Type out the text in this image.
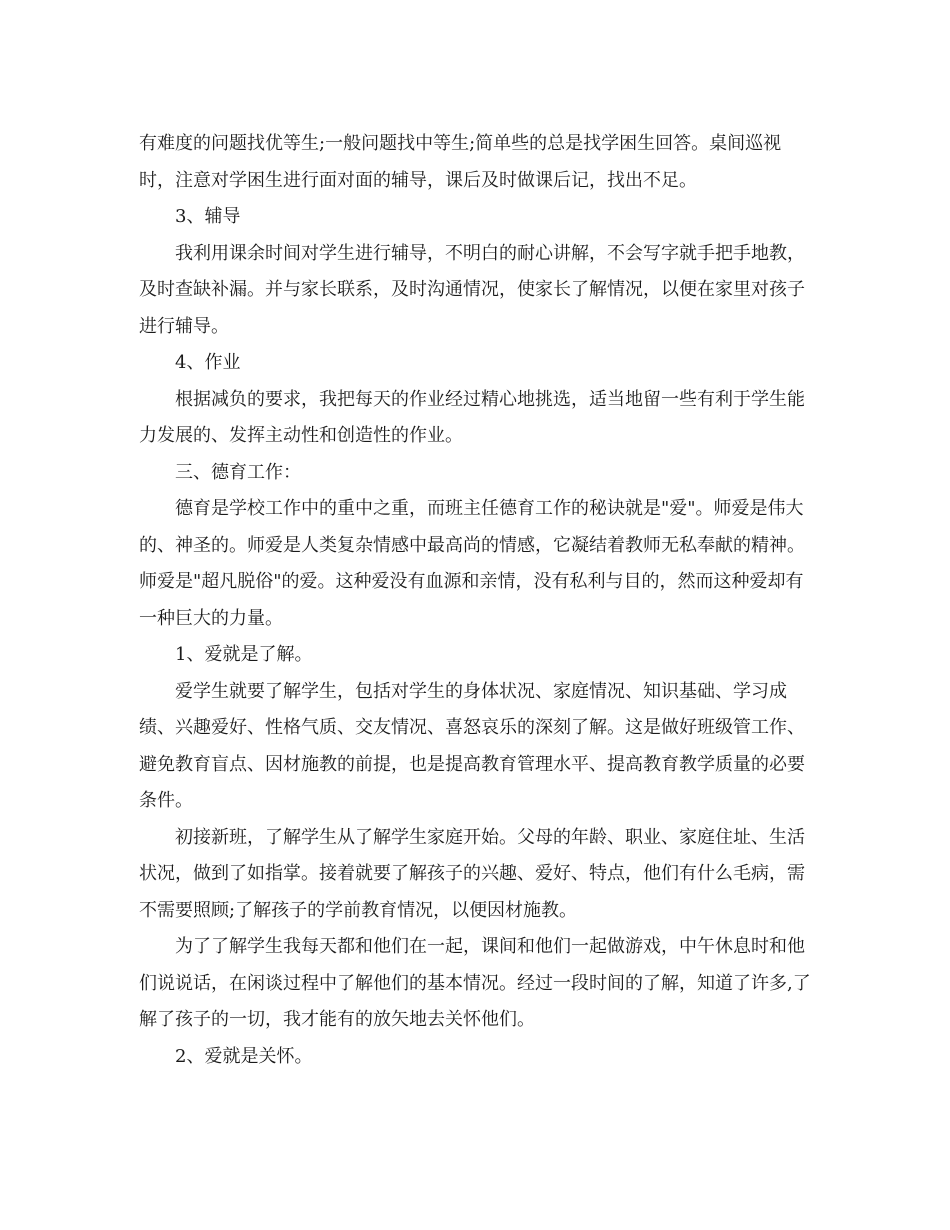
有难度的问题找优等生;一般问题找中等生;简单些的总是找学困生回答。桌间巡视时，注意对学困生进行面对面的辅导，课后及时做课后记，找出不足。

3、辅导

我利用课余时间对学生进行辅导，不明白的耐心讲解，不会写字就手把手地教，及时查缺补漏。并与家长联系，及时沟通情况，使家长了解情况，以便在家里对孩子进行辅导。

4、作业

根据减负的要求，我把每天的作业经过精心地挑选，适当地留一些有利于学生能力发展的、发挥主动性和创造性的作业。

三、德育工作：

德育是学校工作中的重中之重，而班主任德育工作的秘诀就是"爱"。师爱是伟大的、神圣的。师爱是人类复杂情感中最高尚的情感，它凝结着教师无私奉献的精神。师爱是"超凡脱俗"的爱。这种爱没有血源和亲情，没有私利与目的，然而这种爱却有一种巨大的力量。

1、爱就是了解。

爱学生就要了解学生，包括对学生的身体状况、家庭情况、知识基础、学习成绩、兴趣爱好、性格气质、交友情况、喜怒哀乐的深刻了解。这是做好班级管工作、避免教育盲点、因材施教的前提，也是提高教育管理水平、提高教育教学质量的必要条件。

初接新班，了解学生从了解学生家庭开始。父母的年龄、职业、家庭住址、生活状况，做到了如指掌。接着就要了解孩子的兴趣、爱好、特点，他们有什么毛病，需不需要照顾;了解孩子的学前教育情况，以便因材施教。

为了了解学生我每天都和他们在一起，课间和他们一起做游戏，中午休息时和他们说说话，在闲谈过程中了解他们的基本情况。经过一段时间的了解，知道了许多,了解了孩子的一切，我才能有的放矢地去关怀他们。

2、爱就是关怀。
